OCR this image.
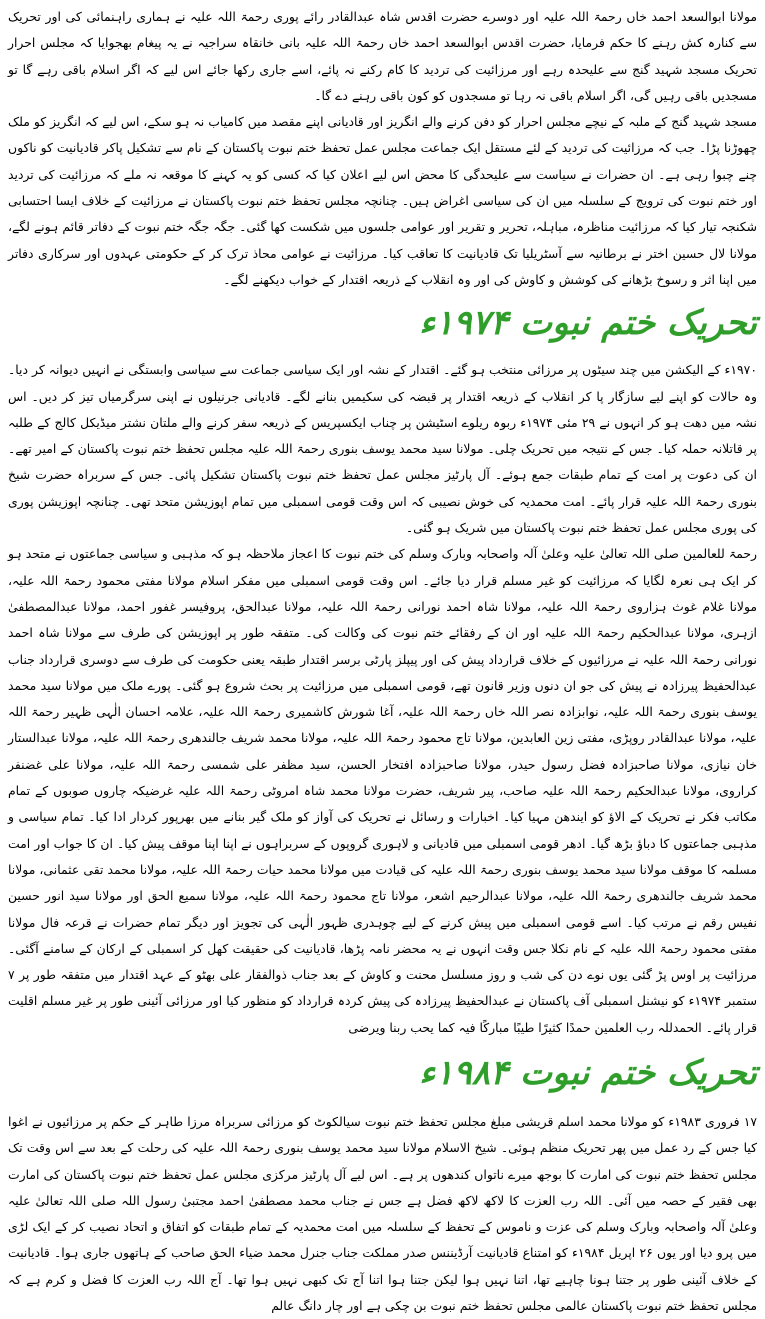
مولانا ابوالسعد احمد خاں رحمۃ اللہ علیہ اور دوسرے حضرت اقدس شاہ عبدالقادر رائے پوری رحمۃ اللہ علیہ نے ہماری راہنمائی کی اور تحریک سے کنارہ کش رہنے کا حکم فرمایا، حضرت اقدس ابوالسعد احمد خاں رحمۃ اللہ علیہ بانی خانقاہ سراجیہ نے یہ پیغام بھجوایا کہ مجلس احرار تحریک مسجد شہید گنج سے علیحدہ رہے اور مرزائیت کی تردید کا کام رکنے نہ پائے، اسے جاری رکھا جائے اس لیے کہ اگر اسلام باقی رہے گا تو مسجدیں باقی رہیں گی، اگر اسلام باقی نہ رہا تو مسجدوں کو کون باقی رہنے دے گا۔

مسجد شہید گنج کے ملبہ کے نیچے مجلس احرار کو دفن کرنے والے انگریز اور قادیانی اپنے مقصد میں کامیاب نہ ہو سکے، اس لیے کہ انگریز کو ملک چھوڑنا پڑا۔ جب کہ مرزائیت کی تردید کے لئے مستقل ایک جماعت مجلس عمل تحفظ ختم نبوت پاکستان کے نام سے تشکیل پاکر قادیانیت کو ناکوں چنے چبوا رہی ہے۔ ان حضرات نے سیاست سے علیحدگی کا محض اس لیے اعلان کیا کہ کسی کو یہ کہنے کا موقعہ نہ ملے کہ مرزائیت کی تردید اور ختم نبوت کی ترویج کے سلسلہ میں ان کی سیاسی اغراض ہیں۔ چنانچہ مجلس تحفظ ختم نبوت پاکستان نے مرزائیت کے خلاف ایسا احتسابی شکنجہ تیار کیا کہ مرزائیت مناظرہ، مباہلہ، تحریر و تقریر اور عوامی جلسوں میں شکست کھا گئی۔ جگہ جگہ ختم نبوت کے دفاتر قائم ہونے لگے، مولانا لال حسین اختر نے برطانیہ سے آسٹریلیا تک قادیانیت کا تعاقب کیا۔ مرزائیت نے عوامی محاذ ترک کر کے حکومتی عہدوں اور سرکاری دفاتر میں اپنا اثر و رسوخ بڑھانے کی کوشش و کاوش کی اور وہ انقلاب کے ذریعہ اقتدار کے خواب دیکھنے لگے۔

تحریک ختم نبوت ۱۹۷۴ء

۱۹۷۰ء کے الیکشن میں چند سیٹوں پر مرزائی منتخب ہو گئے۔ اقتدار کے نشہ اور ایک سیاسی جماعت سے سیاسی وابستگی نے انہیں دیوانہ کر دیا۔ وہ حالات کو اپنے لیے سازگار پا کر انقلاب کے ذریعہ اقتدار پر قبضہ کی سکیمیں بنانے لگے۔ قادیانی جرنیلوں نے اپنی سرگرمیاں تیز کر دیں۔ اس نشہ میں دھت ہو کر انہوں نے ۲۹ مئی ۱۹۷۴ء ربوہ ریلوے اسٹیشن پر چناب ایکسپریس کے ذریعہ سفر کرنے والے ملتان نشتر میڈیکل کالج کے طلبہ پر قاتلانہ حملہ کیا۔ جس کے نتیجہ میں تحریک چلی۔ مولانا سید محمد یوسف بنوری رحمۃ اللہ علیہ مجلس تحفظ ختم نبوت پاکستان کے امیر تھے۔ ان کی دعوت پر امت کے تمام طبقات جمع ہوئے۔ آل پارٹیز مجلس عمل تحفظ ختم نبوت پاکستان تشکیل پائی۔ جس کے سربراہ حضرت شیخ بنوری رحمۃ اللہ علیہ قرار پائے۔ امت محمدیہ کی خوش نصیبی کہ اس وقت قومی اسمبلی میں تمام اپوزیشن متحد تھی۔ چنانچہ اپوزیشن پوری کی پوری مجلس عمل تحفظ ختم نبوت پاکستان میں شریک ہو گئی۔

رحمۃ للعالمین صلی اللہ تعالیٰ علیہ وعلیٰ آلہ واصحابہ وبارک وسلم کی ختم نبوت کا اعجاز ملاحظہ ہو کہ مذہبی و سیاسی جماعتوں نے متحد ہو کر ایک ہی نعرہ لگایا کہ مرزائیت کو غیر مسلم قرار دیا جائے۔ اس وقت قومی اسمبلی میں مفکر اسلام مولانا مفتی محمود رحمۃ اللہ علیہ، مولانا غلام غوث ہزاروی رحمۃ اللہ علیہ، مولانا شاہ احمد نورانی رحمۃ اللہ علیہ، مولانا عبدالحق، پروفیسر غفور احمد، مولانا عبدالمصطفیٰ ازہری، مولانا عبدالحکیم رحمۃ اللہ علیہ اور ان کے رفقائے ختم نبوت کی وکالت کی۔ متفقہ طور پر اپوزیشن کی طرف سے مولانا شاہ احمد نورانی رحمۃ اللہ علیہ نے مرزائیوں کے خلاف قرارداد پیش کی اور پیپلز پارٹی برسر اقتدار طبقہ یعنی حکومت کی طرف سے دوسری قرارداد جناب عبدالحفیظ پیرزادہ نے پیش کی جو ان دنوں وزیر قانون تھے، قومی اسمبلی میں مرزائیت پر بحث شروع ہو گئی۔ پورے ملک میں مولانا سید محمد یوسف بنوری رحمۃ اللہ علیہ، نوابزادہ نصر اللہ خاں رحمۃ اللہ علیہ، آغا شورش کاشمیری رحمۃ اللہ علیہ، علامہ احسان الٰہی ظہیر رحمۃ اللہ علیہ، مولانا عبدالقادر روپڑی، مفتی زین العابدین، مولانا تاج محمود رحمۃ اللہ علیہ، مولانا محمد شریف جالندھری رحمۃ اللہ علیہ، مولانا عبدالستار خان نیازی، مولانا صاحبزادہ فضل رسول حیدر، مولانا صاحبزادہ افتخار الحسن، سید مظفر علی شمسی رحمۃ اللہ علیہ، مولانا علی غضنفر کراروی، مولانا عبدالحکیم رحمۃ اللہ علیہ صاحب، پیر شریف، حضرت مولانا محمد شاہ امروٹی رحمۃ اللہ علیہ غرضیکہ چاروں صوبوں کے تمام مکاتب فکر نے تحریک کے الاؤ کو ایندھن مہیا کیا۔ اخبارات و رسائل نے تحریک کی آواز کو ملک گیر بنانے میں بھرپور کردار ادا کیا۔ تمام سیاسی و مذہبی جماعتوں کا دباؤ بڑھ گیا۔ ادھر قومی اسمبلی میں قادیانی و لاہوری گروپوں کے سربراہوں نے اپنا اپنا موقف پیش کیا۔ ان کا جواب اور امت مسلمہ کا موقف مولانا سید محمد یوسف بنوری رحمۃ اللہ علیہ کی قیادت میں مولانا محمد حیات رحمۃ اللہ علیہ، مولانا محمد تقی عثمانی، مولانا محمد شریف جالندھری رحمۃ اللہ علیہ، مولانا عبدالرحیم اشعر، مولانا تاج محمود رحمۃ اللہ علیہ، مولانا سمیع الحق اور مولانا سید انور حسین نفیس رقم نے مرتب کیا۔ اسے قومی اسمبلی میں پیش کرنے کے لیے چوہدری ظہور الٰہی کی تجویز اور دیگر تمام حضرات نے قرعہ فال مولانا مفتی محمود رحمۃ اللہ علیہ کے نام نکلا جس وقت انہوں نے یہ محضر نامہ پڑھا، قادیانیت کی حقیقت کھل کر اسمبلی کے ارکان کے سامنے آگئی۔ مرزائیت پر اوس پڑ گئی یوں نوے دن کی شب و روز مسلسل محنت و کاوش کے بعد جناب ذوالفقار علی بھٹو کے عہد اقتدار میں متفقہ طور پر ۷ ستمبر ۱۹۷۴ء کو نیشنل اسمبلی آف پاکستان نے عبدالحفیظ پیرزادہ کی پیش کردہ قرارداد کو منظور کیا اور مرزائی آئینی طور پر غیر مسلم اقلیت قرار پائے۔ الحمدللہ رب العلمین حمدًا کثیرًا طیبًا مبارکًا فیہ کما یحب ربنا ویرضی

تحریک ختم نبوت ۱۹۸۴ء

۱۷ فروری ۱۹۸۳ء کو مولانا محمد اسلم قریشی مبلغ مجلس تحفظ ختم نبوت سیالکوٹ کو مرزائی سربراہ مرزا طاہر کے حکم پر مرزائیوں نے اغوا کیا جس کے رد عمل میں پھر تحریک منظم ہوئی۔ شیخ الاسلام مولانا سید محمد یوسف بنوری رحمۃ اللہ علیہ کی رحلت کے بعد سے اس وقت تک مجلس تحفظ ختم نبوت کی امارت کا بوجھ میرے ناتواں کندھوں پر ہے۔ اس لیے آل پارٹیز مرکزی مجلس عمل تحفظ ختم نبوت پاکستان کی امارت بھی فقیر کے حصہ میں آئی۔ اللہ رب العزت کا لاکھ لاکھ فضل ہے جس نے جناب محمد مصطفیٰ احمد مجتبیٰ رسول اللہ صلی اللہ تعالیٰ علیہ وعلیٰ آلہ واصحابہ وبارک وسلم کی عزت و ناموس کے تحفظ کے سلسلہ میں امت محمدیہ کے تمام طبقات کو اتفاق و اتحاد نصیب کر کے ایک لڑی میں پرو دیا اور یوں ۲۶ اپریل ۱۹۸۴ء کو امتناع قادیانیت آرڈیننس صدر مملکت جناب جنرل محمد ضیاء الحق صاحب کے ہاتھوں جاری ہوا۔ قادیانیت کے خلاف آئینی طور پر جتنا ہونا چاہیے تھا، اتنا نہیں ہوا لیکن جتنا ہوا اتنا آج تک کبھی نہیں ہوا تھا۔ آج اللہ رب العزت کا فضل و کرم ہے کہ مجلس تحفظ ختم نبوت پاکستان عالمی مجلس تحفظ ختم نبوت بن چکی ہے اور چار دانگ عالم
